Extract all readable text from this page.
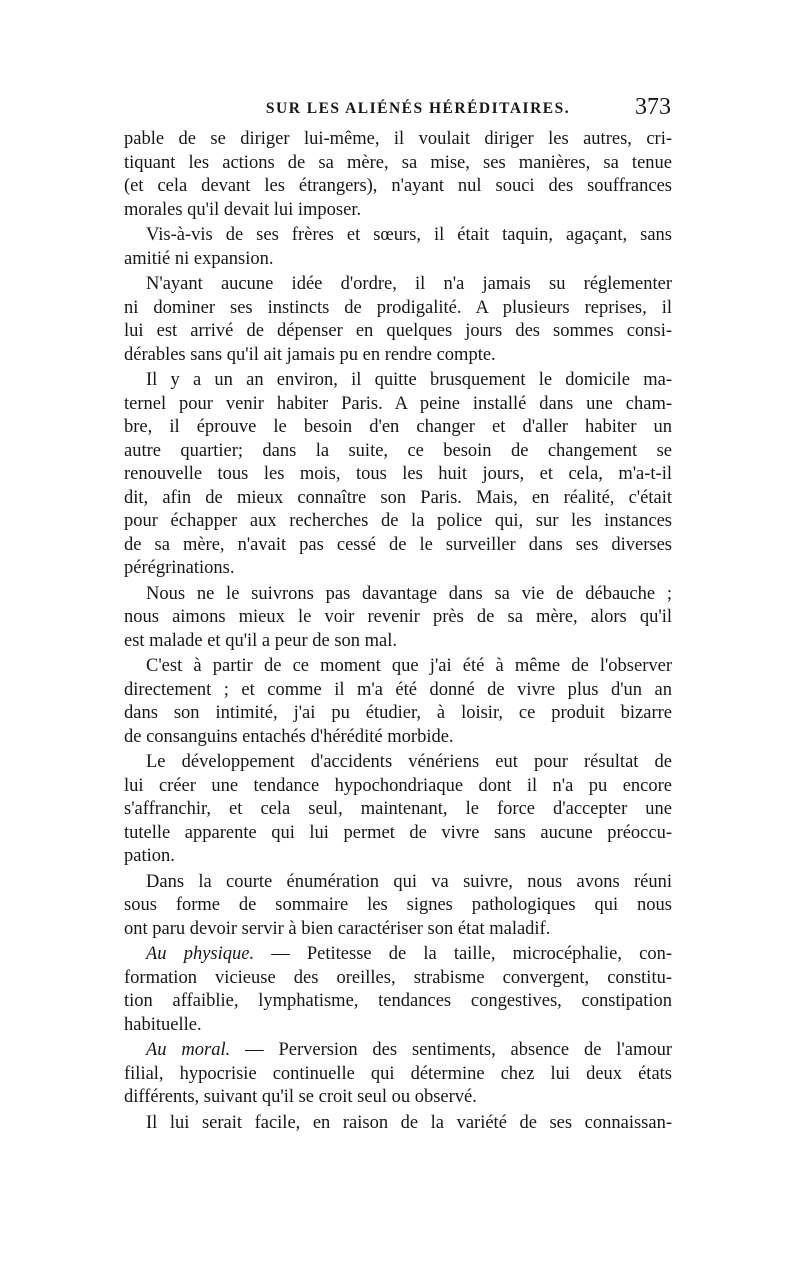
SUR LES ALIÉNÉS HÉRÉDITAIRES.	373
pable de se diriger lui-même, il voulait diriger les autres, cri-
tiquant les actions de sa mère, sa mise, ses manières, sa tenue
(et cela devant les étrangers), n'ayant nul souci des souffrances
morales qu'il devait lui imposer.
Vis-à-vis de ses frères et sœurs, il était taquin, agaçant, sans
amitié ni expansion.
N'ayant aucune idée d'ordre, il n'a jamais su réglementer
ni dominer ses instincts de prodigalité. A plusieurs reprises, il
lui est arrivé de dépenser en quelques jours des sommes consi-
dérables sans qu'il ait jamais pu en rendre compte.
Il y a un an environ, il quitte brusquement le domicile ma-
ternel pour venir habiter Paris. A peine installé dans une cham-
bre, il éprouve le besoin d'en changer et d'aller habiter un
autre quartier; dans la suite, ce besoin de changement se
renouvelle tous les mois, tous les huit jours, et cela, m'a-t-il
dit, afin de mieux connaître son Paris. Mais, en réalité, c'était
pour échapper aux recherches de la police qui, sur les instances
de sa mère, n'avait pas cessé de le surveiller dans ses diverses
pérégrinations.
Nous ne le suivrons pas davantage dans sa vie de débauche ;
nous aimons mieux le voir revenir près de sa mère, alors qu'il
est malade et qu'il a peur de son mal.
C'est à partir de ce moment que j'ai été à même de l'observer
directement ; et comme il m'a été donné de vivre plus d'un an
dans son intimité, j'ai pu étudier, à loisir, ce produit bizarre
de consanguins entachés d'hérédité morbide.
Le développement d'accidents vénériens eut pour résultat de
lui créer une tendance hypochondriaque dont il n'a pu encore
s'affranchir, et cela seul, maintenant, le force d'accepter une
tutelle apparente qui lui permet de vivre sans aucune préoccu-
pation.
Dans la courte énumération qui va suivre, nous avons réuni
sous forme de sommaire les signes pathologiques qui nous
ont paru devoir servir à bien caractériser son état maladif.
Au physique. — Petitesse de la taille, microcéphalie, con-
formation vicieuse des oreilles, strabisme convergent, constitu-
tion affaiblie, lymphatisme, tendances congestives, constipation
habituelle.
Au moral. — Perversion des sentiments, absence de l'amour
filial, hypocrisie continuelle qui détermine chez lui deux états
différents, suivant qu'il se croit seul ou observé.
Il lui serait facile, en raison de la variété de ses connaissan-
